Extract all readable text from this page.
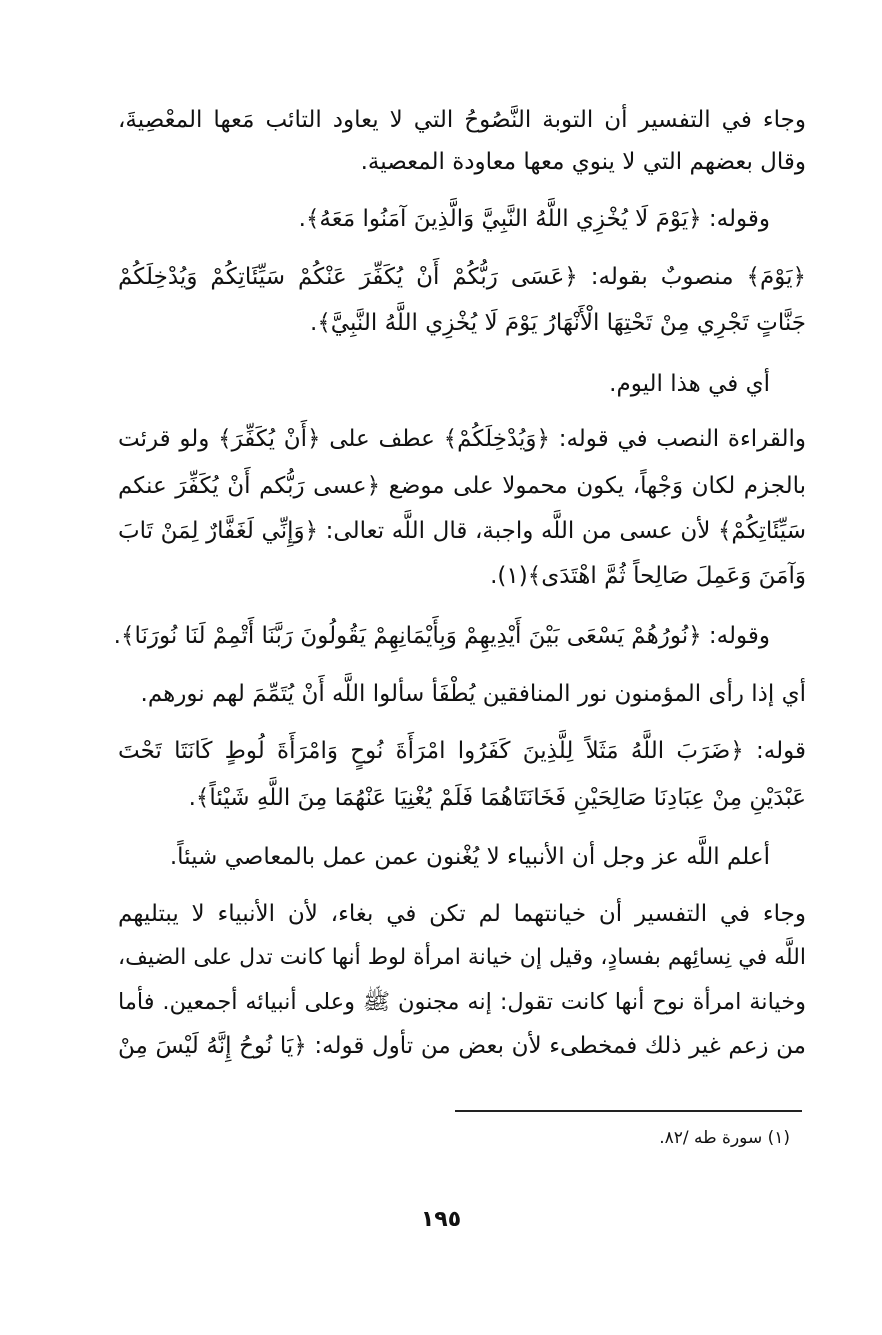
وجاء في التفسير أن التوبة النَّصُوحُ التي لا يعاود التائب مَعها المعْصِيةَ،
وقال بعضهم التي لا ينوي معها معاودة المعصية.
وقوله: ﴿يَوْمَ لَا يُخْزِي اللَّهُ النَّبِيَّ وَالَّذِينَ آمَنُوا مَعَهُ﴾.
﴿يَوْمَ﴾ منصوبٌ بقوله: ﴿عَسَى رَبُّكُمْ أَنْ يُكَفِّرَ عَنْكُمْ سَيِّئَاتِكُمْ وَيُدْخِلَكُمْ
جَنَّاتٍ تَجْرِي مِنْ تَحْتِهَا الْأَنْهَارُ يَوْمَ لَا يُخْزِي اللَّهُ النَّبِيَّ﴾.
أي في هذا اليوم.
والقراءة النصب في قوله: ﴿وَيُدْخِلَكُمْ﴾ عطف على ﴿أَنْ يُكَفِّرَ﴾ ولو قرئت
بالجزم لكان وَجْهاً، يكون محمولا على موضع ﴿عسى رَبُّكم أَنْ يُكَفِّرَ عنكم
سَيِّئَاتِكُمْ﴾ لأن عسى من اللَّه واجبة، قال اللَّه تعالى: ﴿وَإِنِّي لَغَفَّارٌ لِمَنْ تَابَ
وَآمَنَ وَعَمِلَ صَالِحاً ثُمَّ اهْتَدَى﴾(١).
وقوله: ﴿نُورُهُمْ يَسْعَى بَيْنَ أَيْدِيهِمْ وَبِأَيْمَانِهِمْ يَقُولُونَ رَبَّنَا أَتْمِمْ لَنَا نُورَنَا﴾.
أي إذا رأى المؤمنون نور المنافقين يُطْفَأ سألوا اللَّه أَنْ يُتَمِّمَ لهم نورهم.
قوله: ﴿ضَرَبَ اللَّهُ مَثَلاً لِلَّذِينَ كَفَرُوا امْرَأَةَ نُوحٍ وَامْرَأَةَ لُوطٍ كَانَتَا تَحْتَ
عَبْدَيْنِ مِنْ عِبَادِنَا صَالِحَيْنِ فَخَانَتَاهُمَا فَلَمْ يُغْنِيَا عَنْهُمَا مِنَ اللَّهِ شَيْئاً﴾.
أعلم اللَّه عز وجل أن الأنبياء لا يُغْنون عمن عمل بالمعاصي شيئاً.
وجاء في التفسير أن خيانتهما لم تكن في بغاء، لأن الأنبياء لا يبتليهم
اللَّه في نِسائِهم بفسادٍ، وقيل إن خيانة امرأة لوط أنها كانت تدل على الضيف،
وخيانة امرأة نوح أنها كانت تقول: إنه مجنون ﷺ وعلى أنبيائه أجمعين. فأما
من زعم غير ذلك فمخطىء لأن بعض من تأول قوله: ﴿يَا نُوحُ إِنَّهُ لَيْسَ مِنْ
(١) سورة طه /٨٢.
١٩٥
